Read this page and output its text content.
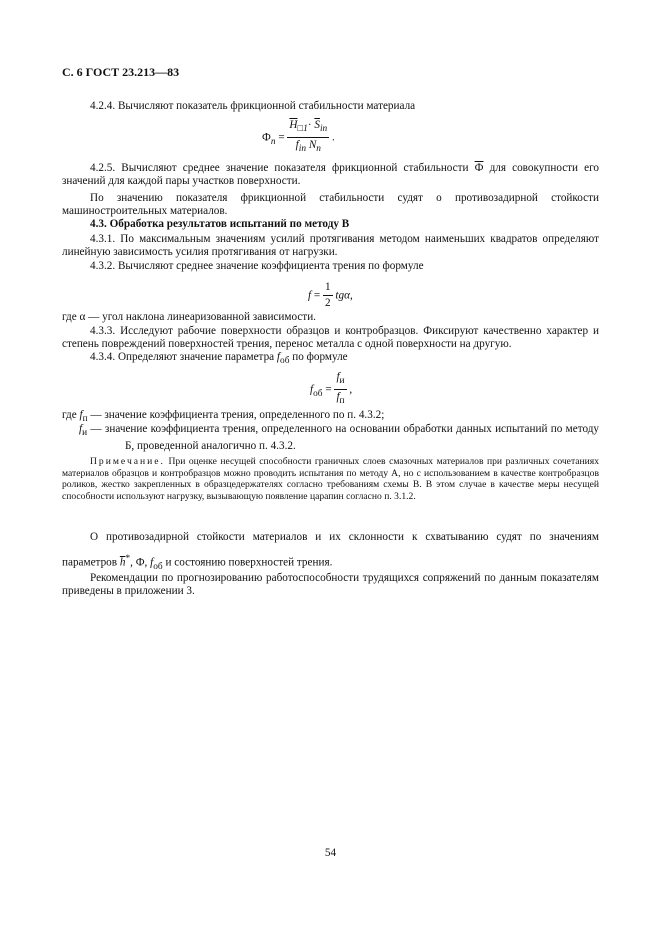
С. 6 ГОСТ 23.213—83
4.2.4. Вычисляют показатель фрикционной стабильности материала
$Ф_п = \frac{\overline{H}_{□1}\cdot \overline{S}_{iп}}{f_{iп} N_п}$ .
4.2.5. Вычисляют среднее значение показателя фрикционной стабильности Ф для совокупности его значений для каждой пары участков поверхности.
По значению показателя фрикционной стабильности судят о противозадирной стойкости машиностроительных материалов.
4.3. Обработка результатов испытаний по методу В
4.3.1. По максимальным значениям усилий протягивания методом наименьших квадратов определяют линейную зависимость усилия протягивания от нагрузки.
4.3.2. Вычисляют среднее значение коэффициента трения по формуле
$f = \frac{1}{2} tg\alpha$,
где α — угол наклона линеаризованной зависимости.
4.3.3. Исследуют рабочие поверхности образцов и контробразцов. Фиксируют качественно характер и степень повреждений поверхностей трения, перенос металла с одной поверхности на другую.
4.3.4. Определяют значение параметра $f_{об}$ по формуле
$f_{об} = \frac{f_и}{f_п}$ ,
где $f_п$ — значение коэффициента трения, определенного по п. 4.3.2;
$f_и$ — значение коэффициента трения, определенного на основании обработки данных испытаний по методу Б, проведенной аналогично п. 4.3.2.
Примечание. При оценке несущей способности граничных слоев смазочных материалов при различных сочетаниях материалов образцов и контробразцов можно проводить испытания по методу А, но с использованием в качестве контробразцов роликов, жестко закрепленных в образцедержателях согласно требованиям схемы В. В этом случае в качестве меры несущей способности используют нагрузку, вызывающую появление царапин согласно п. 3.1.2.
О противозадирной стойкости материалов и их склонности к схватыванию судят по значениям параметров $\overline{h}^*$, Ф, $f_{об}$ и состоянию поверхностей трения.
Рекомендации по прогнозированию работоспособности трудящихся сопряжений по данным показателям приведены в приложении 3.
54
